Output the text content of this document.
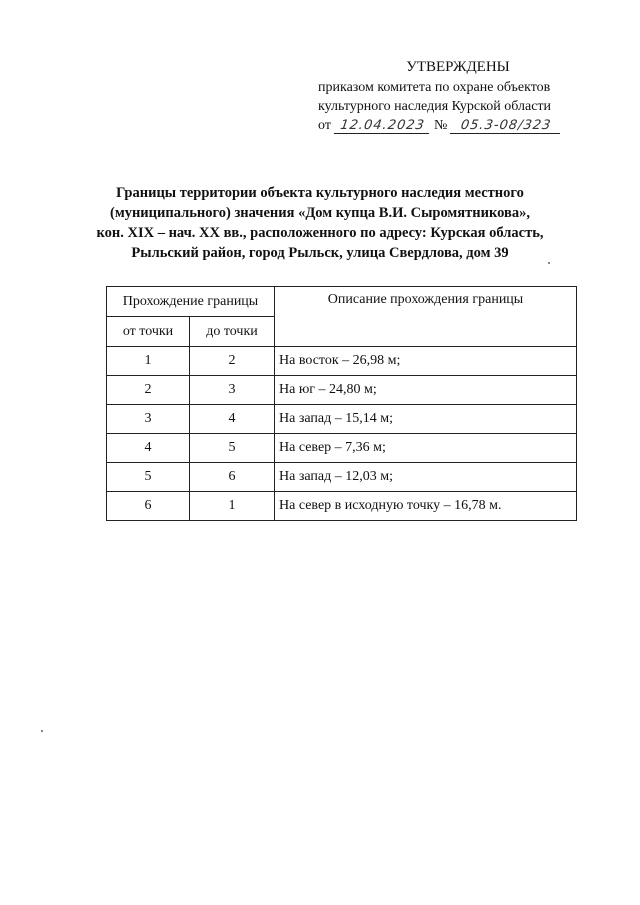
УТВЕРЖДЕНЫ
приказом комитета по охране объектов
культурного наследия Курской области
от 12.04.2023 № 05.3-08/323
Границы территории объекта культурного наследия местного
(муниципального) значения «Дом купца В.И. Сыромятникова»,
кон. XIX – нач. XX вв., расположенного по адресу: Курская область,
Рыльский район, город Рыльск, улица Свердлова, дом 39
Прохождение границы		Описание прохождения границы
от точки	до точки	
1	2	На восток – 26,98 м;
2	3	На юг – 24,80 м;
3	4	На запад – 15,14 м;
4	5	На север – 7,36 м;
5	6	На запад – 12,03 м;
6	1	На север в исходную точку – 16,78 м.
